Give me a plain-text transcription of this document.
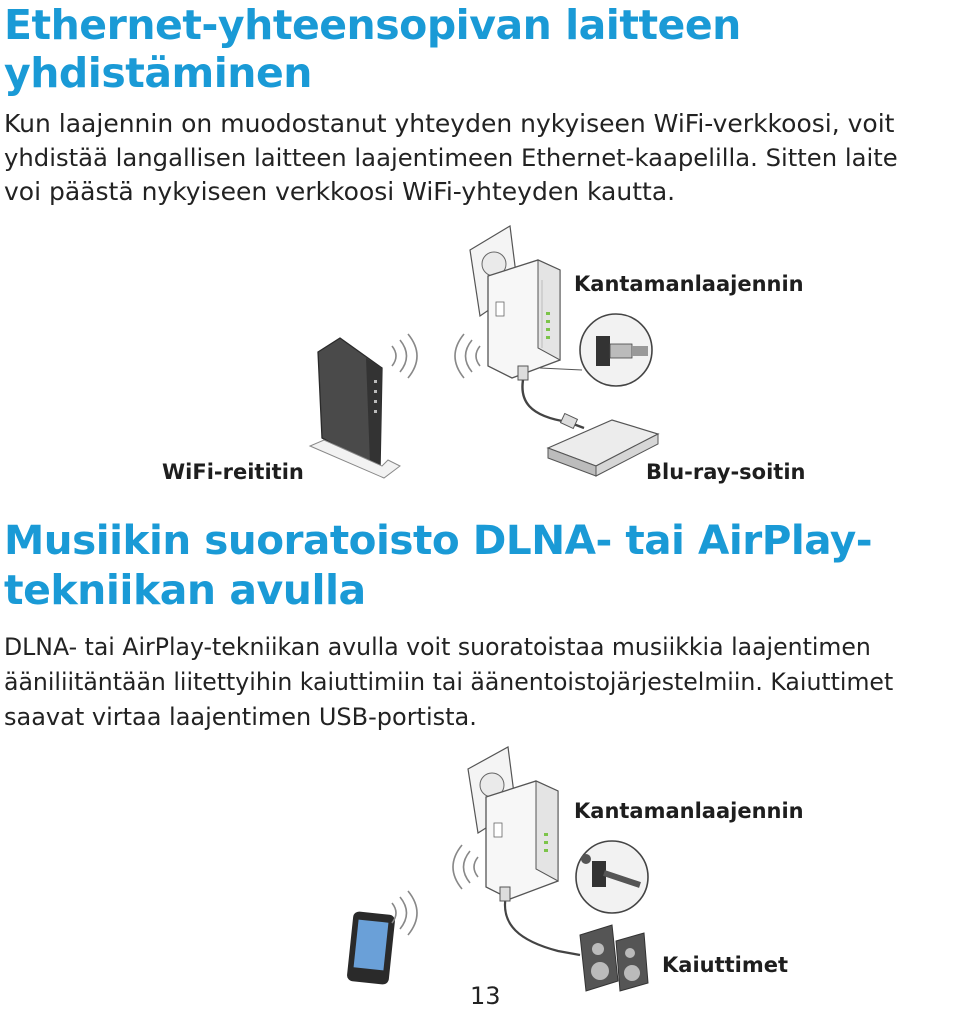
Ethernet-yhteensopivan laitteen
yhdistäminen

Kun laajennin on muodostanut yhteyden nykyiseen WiFi-verkkoosi, voit

yhdistää langallisen laitteen laajentimeen Ethernet-kaapelilla. Sitten laite

voi päästä nykyiseen verkkoosi WiFi-yhteyden kautta.

Kantamanlaajennin
WiFi-reititin	Blu-ray-soitin
Musiikin suoratoisto DLNA- tai AirPlay-
tekniikan avulla

DLNA- tai AirPlay-tekniikan avulla voit suoratoistaa musiikkia laajentimen

ääniliitäntään liitettyihin kaiuttimiin tai äänentoistojärjestelmiin. Kaiuttimet

saavat virtaa laajentimen USB-portista.

Kantamanlaajennin
Kaiuttimet
13
